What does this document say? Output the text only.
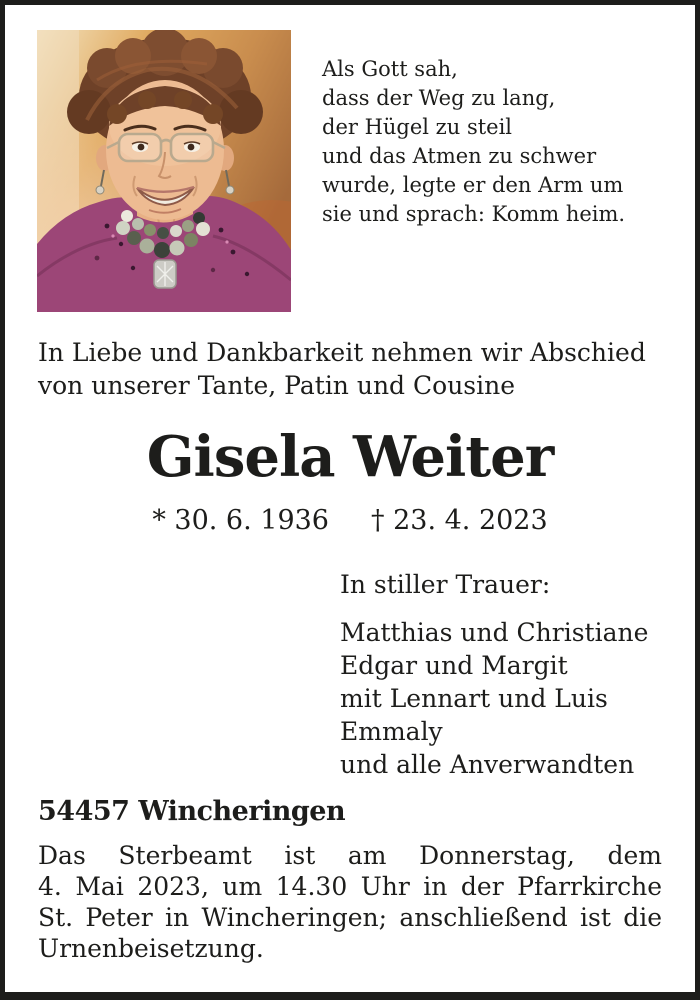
Als Gott sah,
dass der Weg zu lang,
der Hügel zu steil
und das Atmen zu schwer
wurde, legte er den Arm um
sie und sprach: Komm heim.
In Liebe und Dankbarkeit nehmen wir Abschied
von unserer Tante, Patin und Cousine
Gisela Weiter
* 30. 6. 1936 † 23. 4. 2023
In stiller Trauer:
Matthias und Christiane
Edgar und Margit
mit Lennart und Luis
Emmaly
und alle Anverwandten
54457 Wincheringen
Das Sterbeamt ist am Donnerstag, dem
4. Mai 2023, um 14.30 Uhr in der Pfarrkirche
St. Peter in Wincheringen; anschließend ist die
Urnenbeisetzung.
